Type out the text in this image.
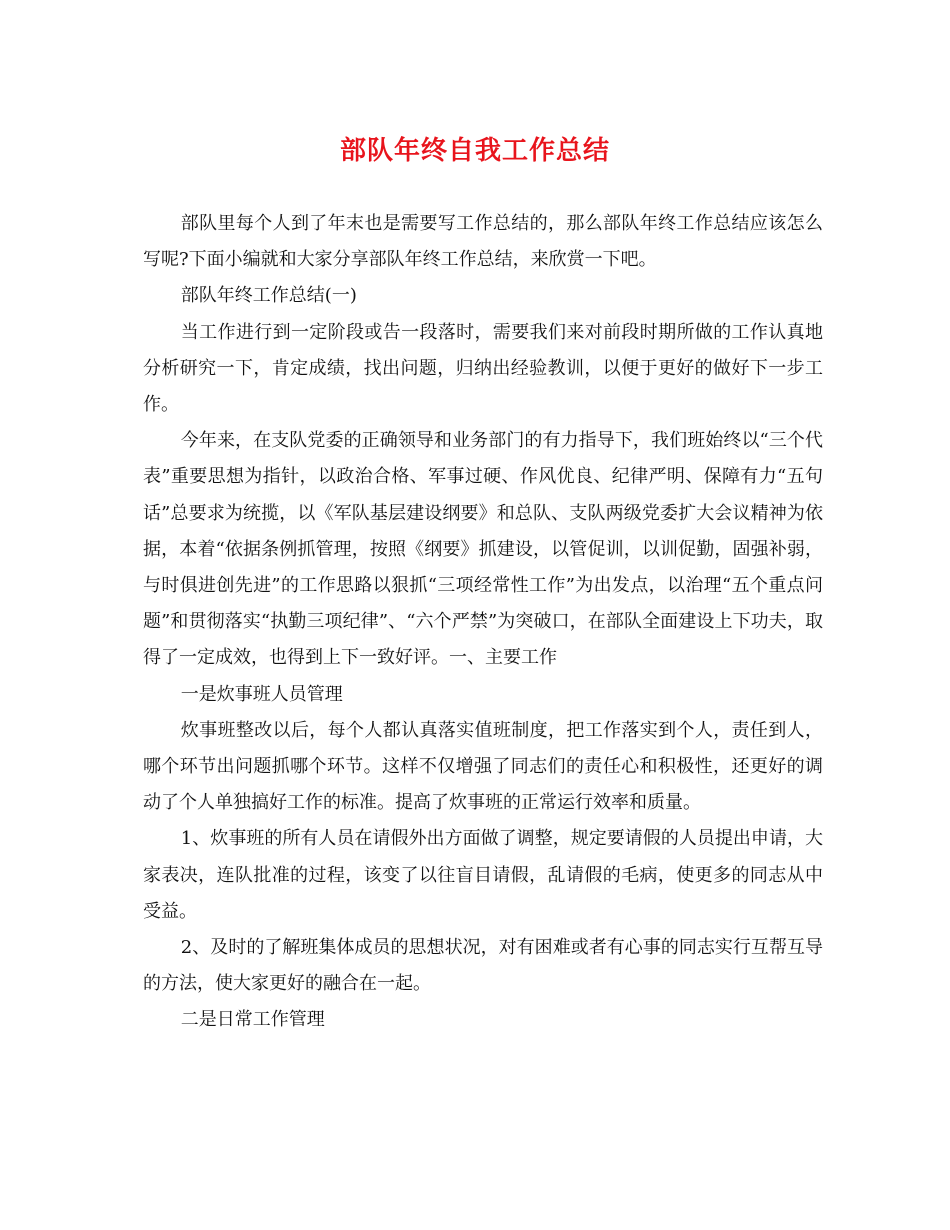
部队年终自我工作总结

部队里每个人到了年末也是需要写工作总结的，那么部队年终工作总结应该怎么写呢?下面小编就和大家分享部队年终工作总结，来欣赏一下吧。

部队年终工作总结(一)

当工作进行到一定阶段或告一段落时，需要我们来对前段时期所做的工作认真地分析研究一下，肯定成绩，找出问题，归纳出经验教训，以便于更好的做好下一步工作。

今年来，在支队党委的正确领导和业务部门的有力指导下，我们班始终以“三个代表”重要思想为指针，以政治合格、军事过硬、作风优良、纪律严明、保障有力“五句话”总要求为统揽，以《军队基层建设纲要》和总队、支队两级党委扩大会议精神为依据，本着“依据条例抓管理，按照《纲要》抓建设，以管促训，以训促勤，固强补弱，与时俱进创先进”的工作思路以狠抓“三项经常性工作”为出发点，以治理“五个重点问题”和贯彻落实“执勤三项纪律”、“六个严禁”为突破口，在部队全面建设上下功夫，取得了一定成效，也得到上下一致好评。一、主要工作

一是炊事班人员管理

炊事班整改以后，每个人都认真落实值班制度，把工作落实到个人，责任到人，哪个环节出问题抓哪个环节。这样不仅增强了同志们的责任心和积极性，还更好的调动了个人单独搞好工作的标准。提高了炊事班的正常运行效率和质量。

1、炊事班的所有人员在请假外出方面做了调整，规定要请假的人员提出申请，大家表决，连队批准的过程，该变了以往盲目请假，乱请假的毛病，使更多的同志从中受益。

2、及时的了解班集体成员的思想状况，对有困难或者有心事的同志实行互帮互导的方法，使大家更好的融合在一起。

二是日常工作管理
